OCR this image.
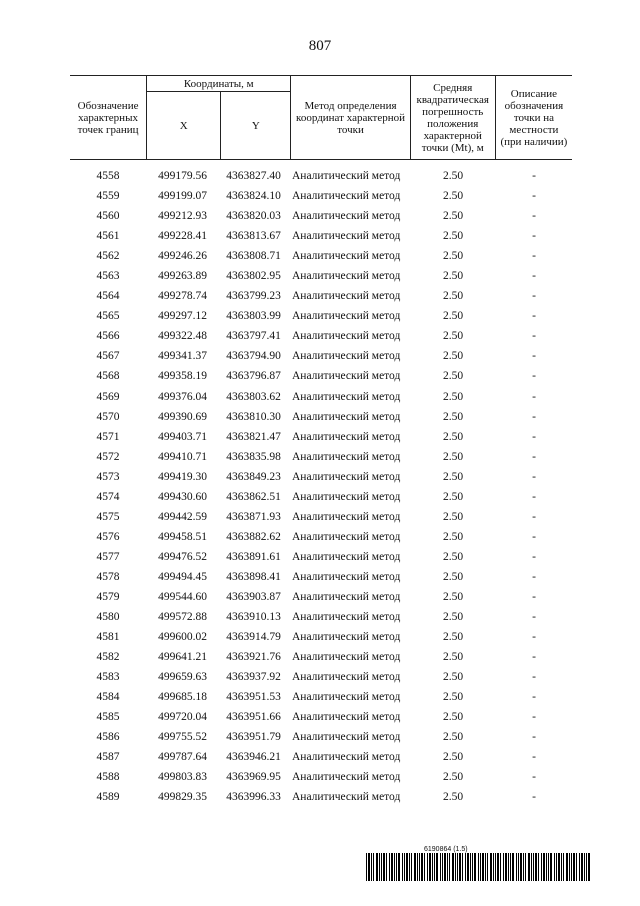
807
Обозначение характерных точек границ	Координаты, м		Метод определения координат характерной точки	Средняя квадратическая погрешность положения характерной точки (Mt), м	Описание обозначения точки на местности (при наличии)
	X	Y			
4558	499179.56	4363827.40 Аналитический метод	2.50	-
4559	499199.07	4363824.10 Аналитический метод	2.50	-
4560	499212.93	4363820.03 Аналитический метод	2.50	-
4561	499228.41	4363813.67 Аналитический метод	2.50	-
4562	499246.26	4363808.71 Аналитический метод	2.50	-
4563	499263.89	4363802.95 Аналитический метод	2.50	-
4564	499278.74	4363799.23 Аналитический метод	2.50	-
4565	499297.12	4363803.99 Аналитический метод	2.50	-
4566	499322.48	4363797.41 Аналитический метод	2.50	-
4567	499341.37	4363794.90 Аналитический метод	2.50	-
4568	499358.19	4363796.87 Аналитический метод	2.50	-
4569	499376.04	4363803.62 Аналитический метод	2.50	-
4570	499390.69	4363810.30 Аналитический метод	2.50	-
4571	499403.71	4363821.47 Аналитический метод	2.50	-
4572	499410.71	4363835.98 Аналитический метод	2.50	-
4573	499419.30	4363849.23 Аналитический метод	2.50	-
4574	499430.60	4363862.51 Аналитический метод	2.50	-
4575	499442.59	4363871.93 Аналитический метод	2.50	-
4576	499458.51	4363882.62 Аналитический метод	2.50	-
4577	499476.52	4363891.61 Аналитический метод	2.50	-
4578	499494.45	4363898.41 Аналитический метод	2.50	-
4579	499544.60	4363903.87 Аналитический метод	2.50	-
4580	499572.88	4363910.13 Аналитический метод	2.50	-
4581	499600.02	4363914.79 Аналитический метод	2.50	-
4582	499641.21	4363921.76 Аналитический метод	2.50	-
4583	499659.63	4363937.92 Аналитический метод	2.50	-
4584	499685.18	4363951.53 Аналитический метод	2.50	-
4585	499720.04	4363951.66 Аналитический метод	2.50	-
4586	499755.52	4363951.79 Аналитический метод	2.50	-
4587	499787.64	4363946.21 Аналитический метод	2.50	-
4588	499803.83	4363969.95 Аналитический метод	2.50	-
4589	499829.35	4363996.33 Аналитический метод	2.50	-
6190864 (1.5)
